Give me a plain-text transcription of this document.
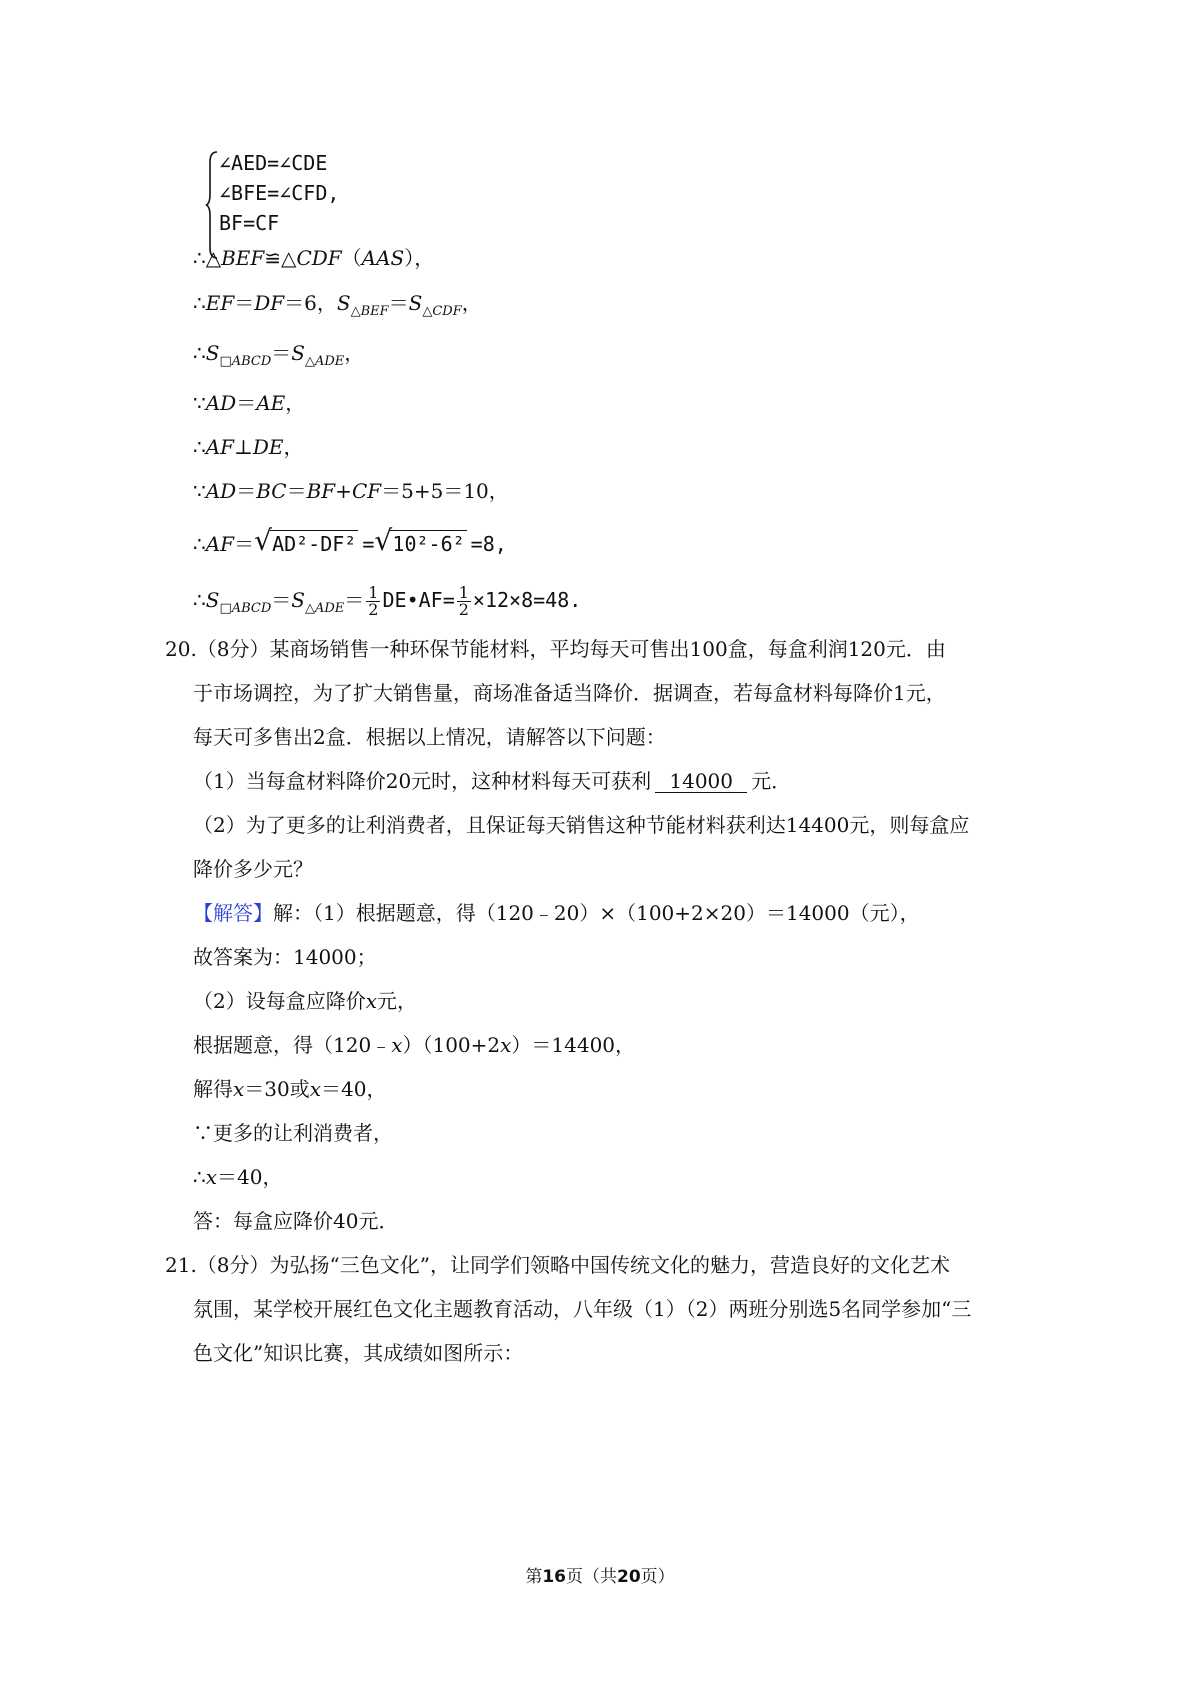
∠AED=∠CDE
∠BFE=∠CFD,
BF=CF
∴△BEF≌△CDF（AAS），
∴EF＝DF＝6，$S_{\triangle BEF}=S_{\triangle CDF}$，
$\therefore S_{□ABCD}=S_{\triangle ADE}$，
∵AD＝AE，
∴AF⊥DE，
∵AD＝BC＝BF+CF＝5+5＝10，
∴AF＝ √ AD²-DF² = √ 10²-6² =8,
$\therefore S_{□ABCD}=S_{\triangle ADE}= \frac{1}{2}$ DE•AF= $\frac{1}{2} \times 12\times 8=48$.
20.（8分）某商场销售一种环保节能材料，平均每天可售出100盒，每盒利润120元．由
于市场调控，为了扩大销售量，商场准备适当降价．据调查，若每盒材料每降价1元，
每天可多售出2盒．根据以上情况，请解答以下问题：
（1）当每盒材料降价20元时，这种材料每天可获利 14000 元．
（2）为了更多的让利消费者，且保证每天销售这种节能材料获利达14400元，则每盒应
降价多少元？
【解答】解：（1）根据题意，得（120﹣20）×（100+2×20）＝14000（元），
故答案为：14000；
（2）设每盒应降价x元，
根据题意，得（120﹣x）（100+2x）＝14400，
解得x＝30或x＝40，
∵更多的让利消费者，
∴x＝40，
答：每盒应降价40元．
21.（8分）为弘扬“三色文化”，让同学们领略中国传统文化的魅力，营造良好的文化艺术
氛围，某学校开展红色文化主题教育活动，八年级（1）（2）两班分别选5名同学参加“三
色文化”知识比赛，其成绩如图所示：
第16页（共20页）
